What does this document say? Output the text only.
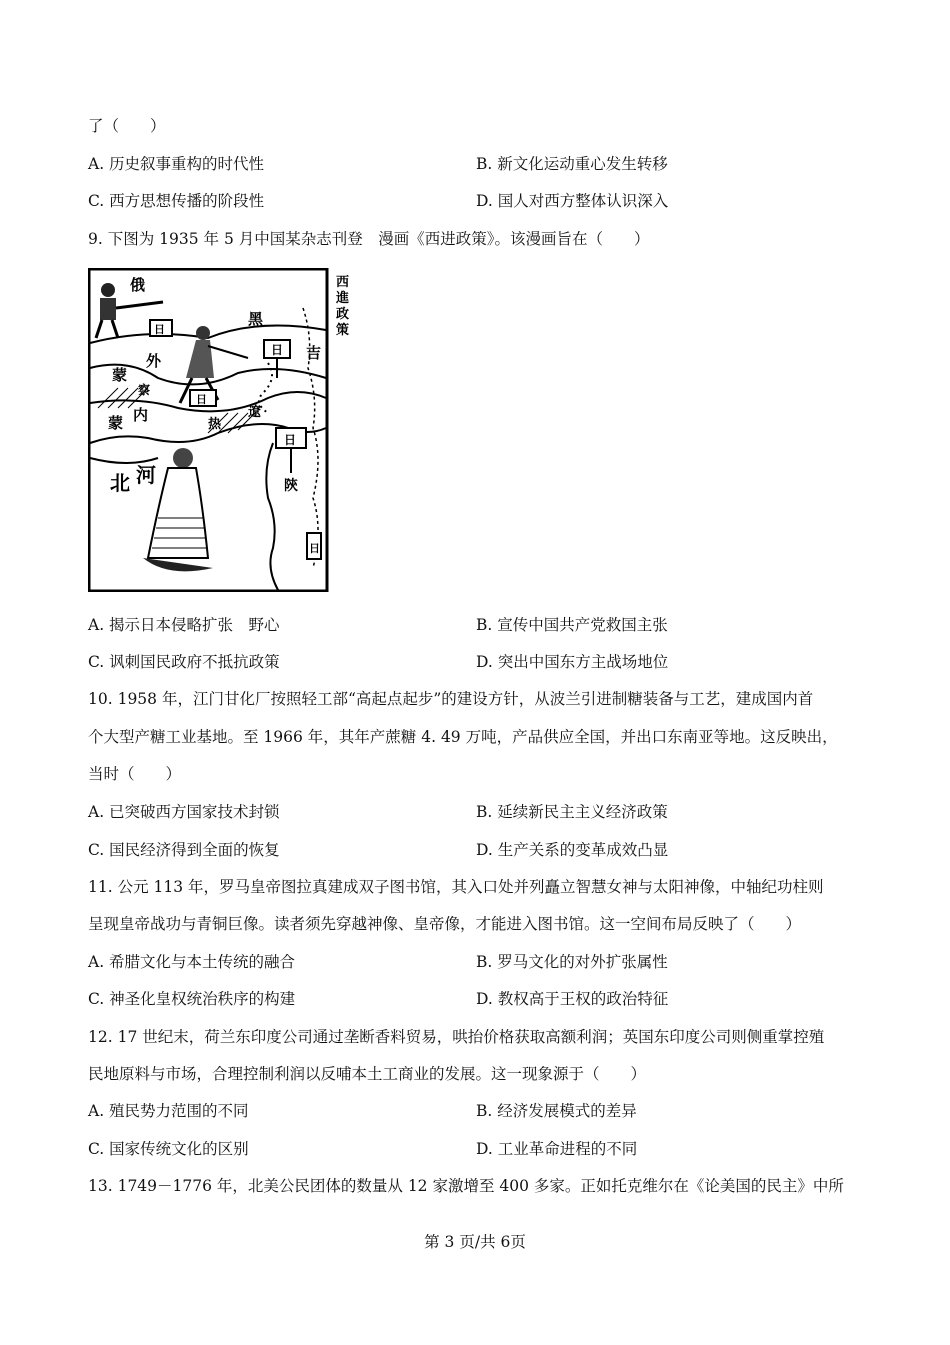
了（　　）
A. 历史叙事重构的时代性	B. 新文化运动重心发生转移
C. 西方思想传播的阶段性	D. 国人对西方整体认识深入
9. 下图为 1935 年 5 月中国某杂志刊登　漫画《西进政策》。该漫画旨在（　　）
俄
外
蒙
黑
吉
察
热
遼
内
蒙
北 河	陝
日
日
日
日
日
西
進
政
策
A. 揭示日本侵略扩张　野心	B. 宣传中国共产党救国主张
C. 讽刺国民政府不抵抗政策	D. 突出中国东方主战场地位
10. 1958 年，江门甘化厂按照轻工部“高起点起步”的建设方针，从波兰引进制糖装备与工艺，建成国内首
个大型产糖工业基地。至 1966 年，其年产蔗糖 4. 49 万吨，产品供应全国，并出口东南亚等地。这反映出，
当时（　　）
A. 已突破西方国家技术封锁	B. 延续新民主主义经济政策
C. 国民经济得到全面的恢复	D. 生产关系的变革成效凸显
11. 公元 113 年，罗马皇帝图拉真建成双子图书馆，其入口处并列矗立智慧女神与太阳神像，中轴纪功柱则
呈现皇帝战功与青铜巨像。读者须先穿越神像、皇帝像，才能进入图书馆。这一空间布局反映了（　　）
A. 希腊文化与本土传统的融合	B. 罗马文化的对外扩张属性
C. 神圣化皇权统治秩序的构建	D. 教权高于王权的政治特征
12. 17 世纪末，荷兰东印度公司通过垄断香料贸易，哄抬价格获取高额利润；英国东印度公司则侧重掌控殖
民地原料与市场，合理控制利润以反哺本土工商业的发展。这一现象源于（　　）
A. 殖民势力范围的不同	B. 经济发展模式的差异
C. 国家传统文化的区别	D. 工业革命进程的不同
13. 1749－1776 年，北美公民团体的数量从 12 家激增至 400 多家。正如托克维尔在《论美国的民主》中所
第 3 页/共 6页
